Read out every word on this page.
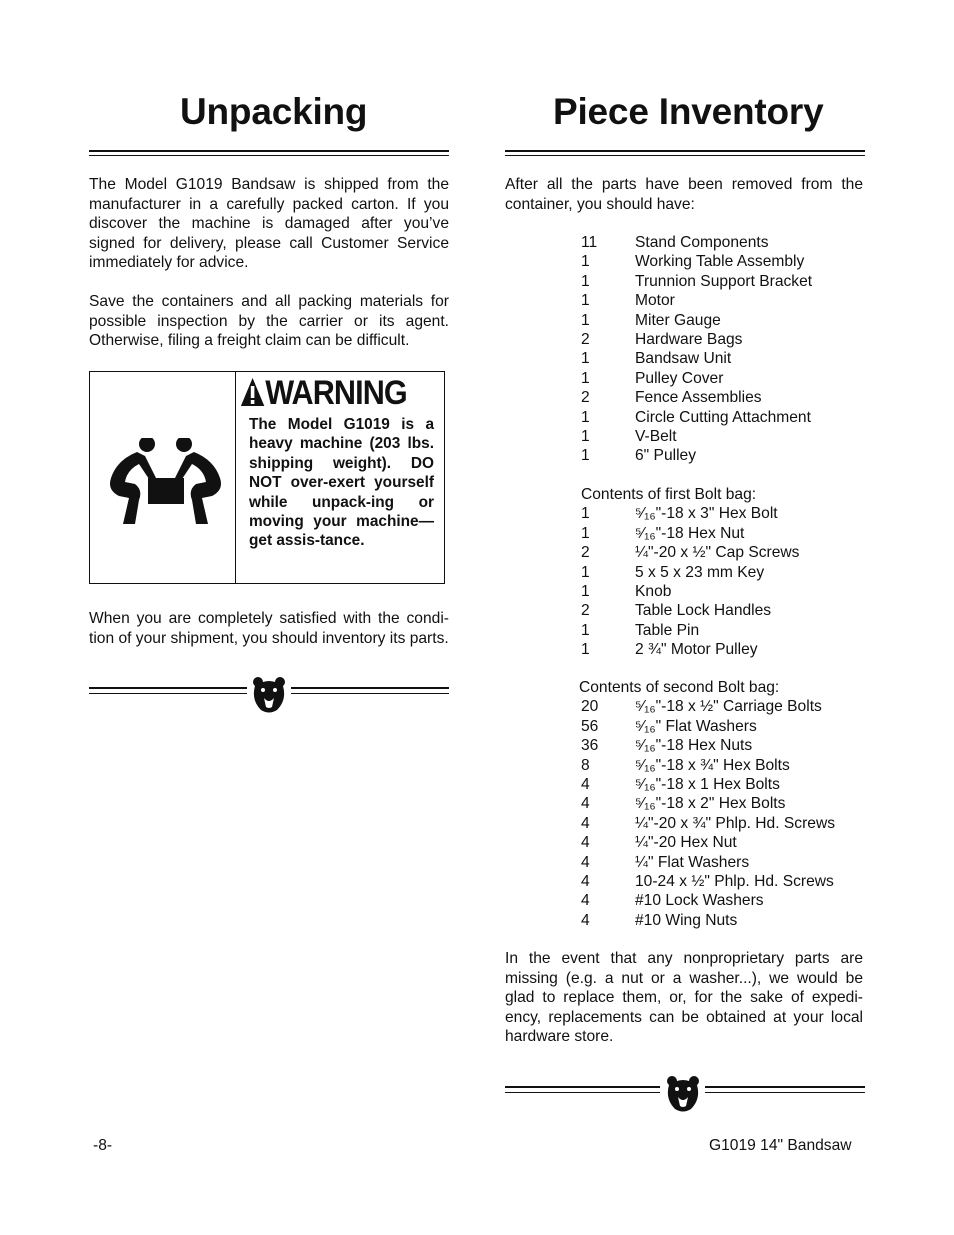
Unpacking

The Model G1019 Bandsaw is shipped from the manufacturer in a carefully packed carton. If you discover the machine is damaged after you’ve signed for delivery, please call Customer Service immediately for advice.

Save the containers and all packing materials for possible inspection by the carrier or its agent. Otherwise, filing a freight claim can be difficult.

WARNING
The Model G1019 is a heavy machine (203 lbs. shipping weight). DO NOT over-exert yourself while unpack-ing or moving your machine—get assis-tance.

When you are completely satisfied with the condi-tion of your shipment, you should inventory its parts.

Piece Inventory

After all the parts have been removed from the container, you should have:

11	Stand Components
1	Working Table Assembly
1	Trunnion Support Bracket
1	Motor
1	Miter Gauge
2	Hardware Bags
1	Bandsaw Unit
1	Pulley Cover
2	Fence Assemblies
1	Circle Cutting Attachment
1	V-Belt
1	6" Pulley
Contents of first Bolt bag:
1	⁵⁄₁₆"-18 x 3" Hex Bolt
1	⁵⁄₁₆"-18 Hex Nut
2	¼"-20 x ½" Cap Screws
1	5 x 5 x 23 mm Key
1	Knob
2	Table Lock Handles
1	Table Pin
1	2 ¾" Motor Pulley
Contents of second Bolt bag:
20	⁵⁄₁₆"-18 x ½" Carriage Bolts
56	⁵⁄₁₆" Flat Washers
36	⁵⁄₁₆"-18 Hex Nuts
8	⁵⁄₁₆"-18 x ¾" Hex Bolts
4	⁵⁄₁₆"-18 x 1 Hex Bolts
4	⁵⁄₁₆"-18 x 2" Hex Bolts
4	¼"-20 x ¾" Phlp. Hd. Screws
4	¼"-20 Hex Nut
4	¼" Flat Washers
4	10-24 x ½" Phlp. Hd. Screws
4	#10 Lock Washers
4	#10 Wing Nuts

In the event that any nonproprietary parts are missing (e.g. a nut or a washer...), we would be glad to replace them, or, for the sake of expedi-ency, replacements can be obtained at your local hardware store.

-8-	G1019 14" Bandsaw
